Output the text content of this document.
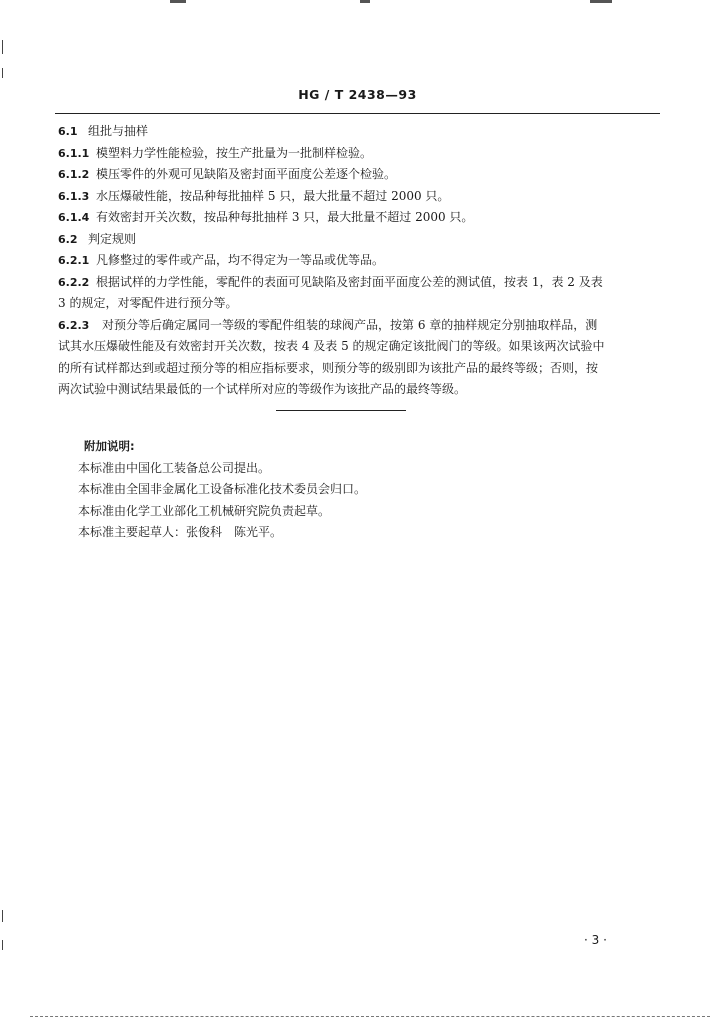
HG / T 2438—93
6.1 组批与抽样
6.1.1 模塑料力学性能检验，按生产批量为一批制样检验。
6.1.2 模压零件的外观可见缺陷及密封面平面度公差逐个检验。
6.1.3 水压爆破性能，按品种每批抽样 5 只，最大批量不超过 2000 只。
6.1.4 有效密封开关次数，按品种每批抽样 3 只，最大批量不超过 2000 只。
6.2 判定规则
6.2.1 凡修整过的零件或产品，均不得定为一等品或优等品。
6.2.2 根据试样的力学性能，零配件的表面可见缺陷及密封面平面度公差的测试值，按表 1，表 2 及表
3 的规定，对零配件进行预分等。
6.2.3 对预分等后确定属同一等级的零配件组装的球阀产品，按第 6 章的抽样规定分别抽取样品，测
试其水压爆破性能及有效密封开关次数，按表 4 及表 5 的规定确定该批阀门的等级。如果该两次试验中
的所有试样都达到或超过预分等的相应指标要求，则预分等的级别即为该批产品的最终等级；否则，按
两次试验中测试结果最低的一个试样所对应的等级作为该批产品的最终等级。
附加说明:
本标准由中国化工装备总公司提出。
本标准由全国非金属化工设备标准化技术委员会归口。
本标准由化学工业部化工机械研究院负责起草。
本标准主要起草人：张俊科　陈光平。
· 3 ·
